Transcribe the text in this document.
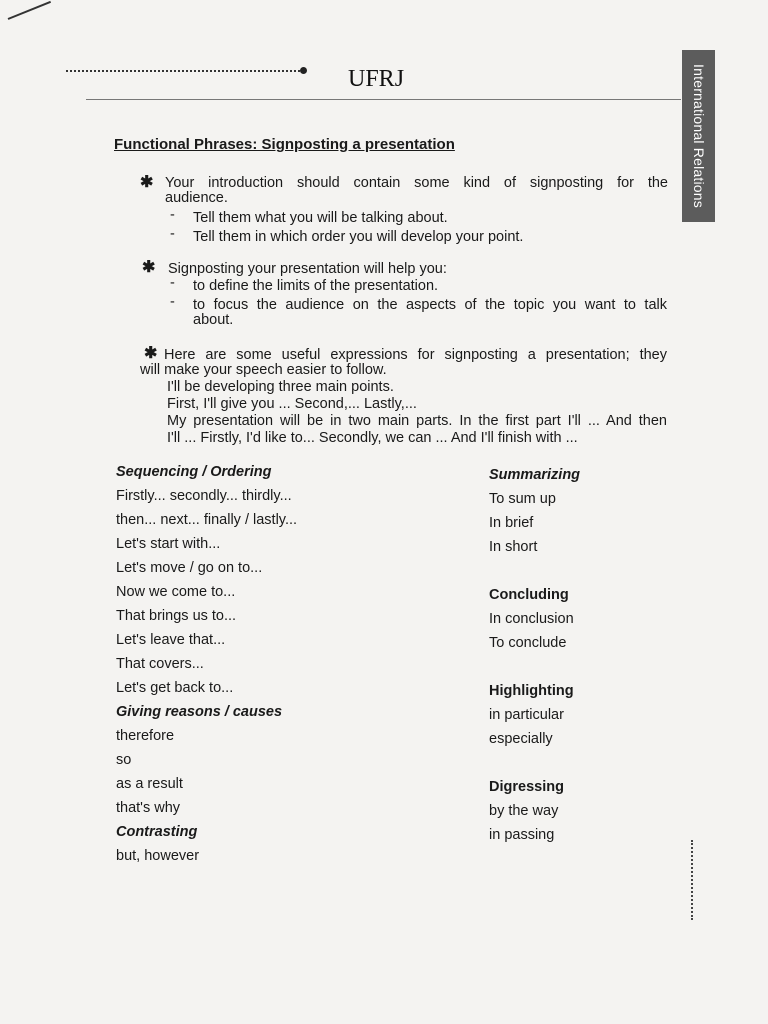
UFRJ	International Relations
Functional Phrases: Signposting a presentation
✱ Your introduction should contain some kind of signposting for the
audience.
- Tell them what you will be talking about.
- Tell them in which order you will develop your point.
✱ Signposting your presentation will help you:
- to define the limits of the presentation.
- to focus the audience on the aspects of the topic you want to talk
about.
✱ Here are some useful expressions for signposting a presentation; they
will make your speech easier to follow.
I'll be developing three main points.
First, I'll give you ... Second,... Lastly,...
My presentation will be in two main parts. In the first part I'll ... And then
I'll ... Firstly, I'd like to... Secondly, we can ... And I'll finish with ...
Sequencing / Ordering
Firstly... secondly... thirdly...
then... next... finally / lastly...
Let's start with...
Let's move / go on to...
Now we come to...
That brings us to...
Let's leave that...
That covers...
Let's get back to...
Giving reasons / causes
therefore
so
as a result
that's why
Contrasting
but, however
Summarizing
To sum up
In brief
In short
Concluding
In conclusion
To conclude
Highlighting
in particular
especially
Digressing
by the way
in passing
